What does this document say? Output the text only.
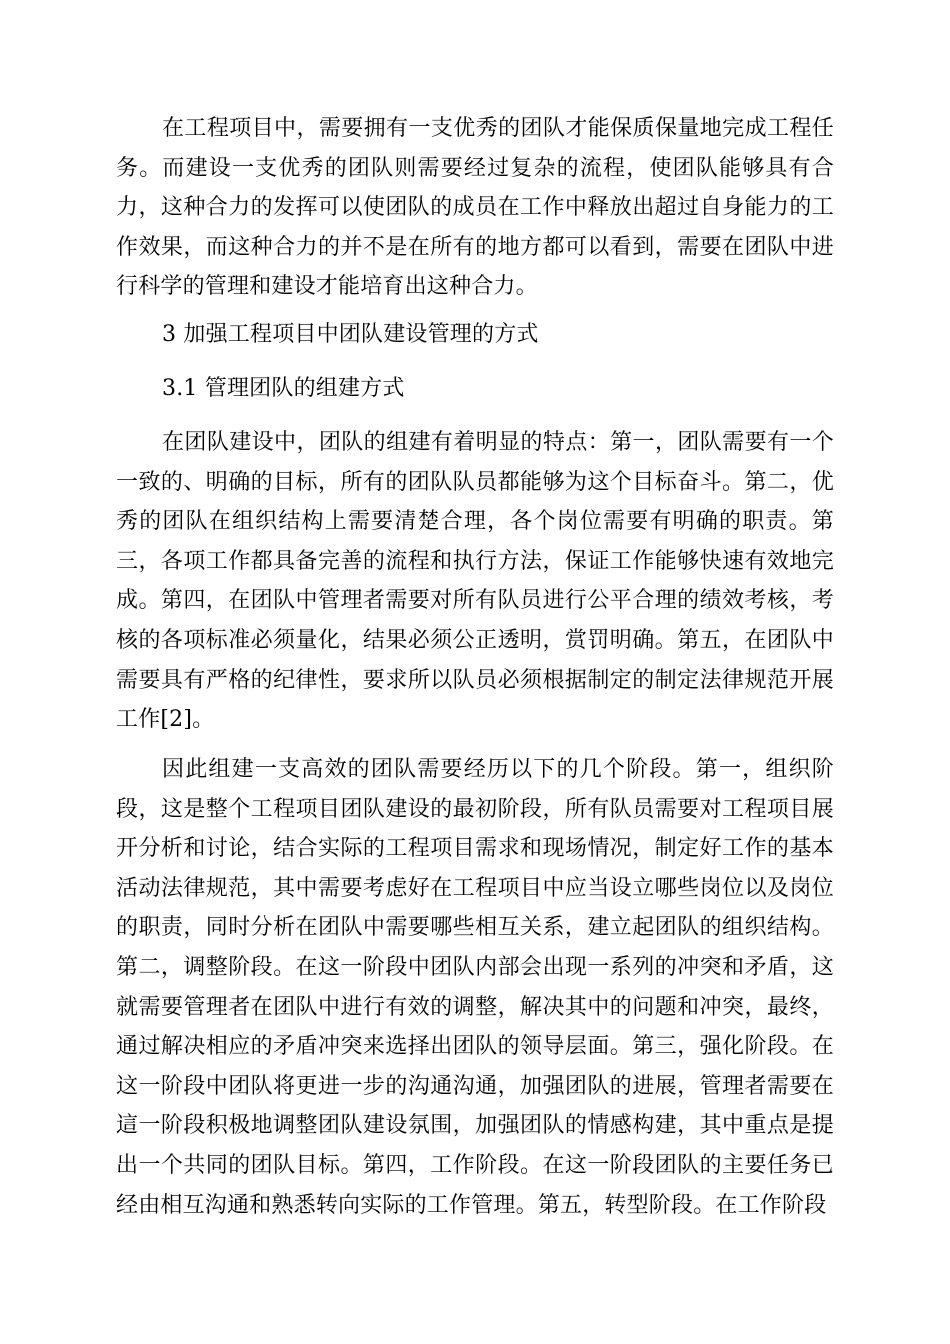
在工程项目中，需要拥有一支优秀的团队才能保质保量地完成工程任务。而建设一支优秀的团队则需要经过复杂的流程，使团队能够具有合力，这种合力的发挥可以使团队的成员在工作中释放出超过自身能力的工作效果，而这种合力的并不是在所有的地方都可以看到，需要在团队中进行科学的管理和建设才能培育出这种合力。

3 加强工程项目中团队建设管理的方式

3.1 管理团队的组建方式

在团队建设中，团队的组建有着明显的特点：第一，团队需要有一个一致的、明确的目标，所有的团队队员都能够为这个目标奋斗。第二，优秀的团队在组织结构上需要清楚合理，各个岗位需要有明确的职责。第三，各项工作都具备完善的流程和执行方法，保证工作能够快速有效地完成。第四，在团队中管理者需要对所有队员进行公平合理的绩效考核，考核的各项标准必须量化，结果必须公正透明，赏罚明确。第五，在团队中需要具有严格的纪律性，要求所以队员必须根据制定的制定法律规范开展工作[2]。

因此组建一支高效的团队需要经历以下的几个阶段。第一，组织阶段，这是整个工程项目团队建设的最初阶段，所有队员需要对工程项目展开分析和讨论，结合实际的工程项目需求和现场情况，制定好工作的基本活动法律规范，其中需要考虑好在工程项目中应当设立哪些岗位以及岗位的职责，同时分析在团队中需要哪些相互关系，建立起团队的组织结构。第二，调整阶段。在这一阶段中团队内部会出现一系列的冲突和矛盾，这就需要管理者在团队中进行有效的调整，解决其中的问题和冲突，最终，通过解决相应的矛盾冲突来选择出团队的领导层面。第三，强化阶段。在这一阶段中团队将更进一步的沟通沟通，加强团队的进展，管理者需要在這一阶段积极地调整团队建设氛围，加强团队的情感构建，其中重点是提出一个共同的团队目标。第四，工作阶段。在这一阶段团队的主要任务已经由相互沟通和熟悉转向实际的工作管理。第五，转型阶段。在工作阶段
